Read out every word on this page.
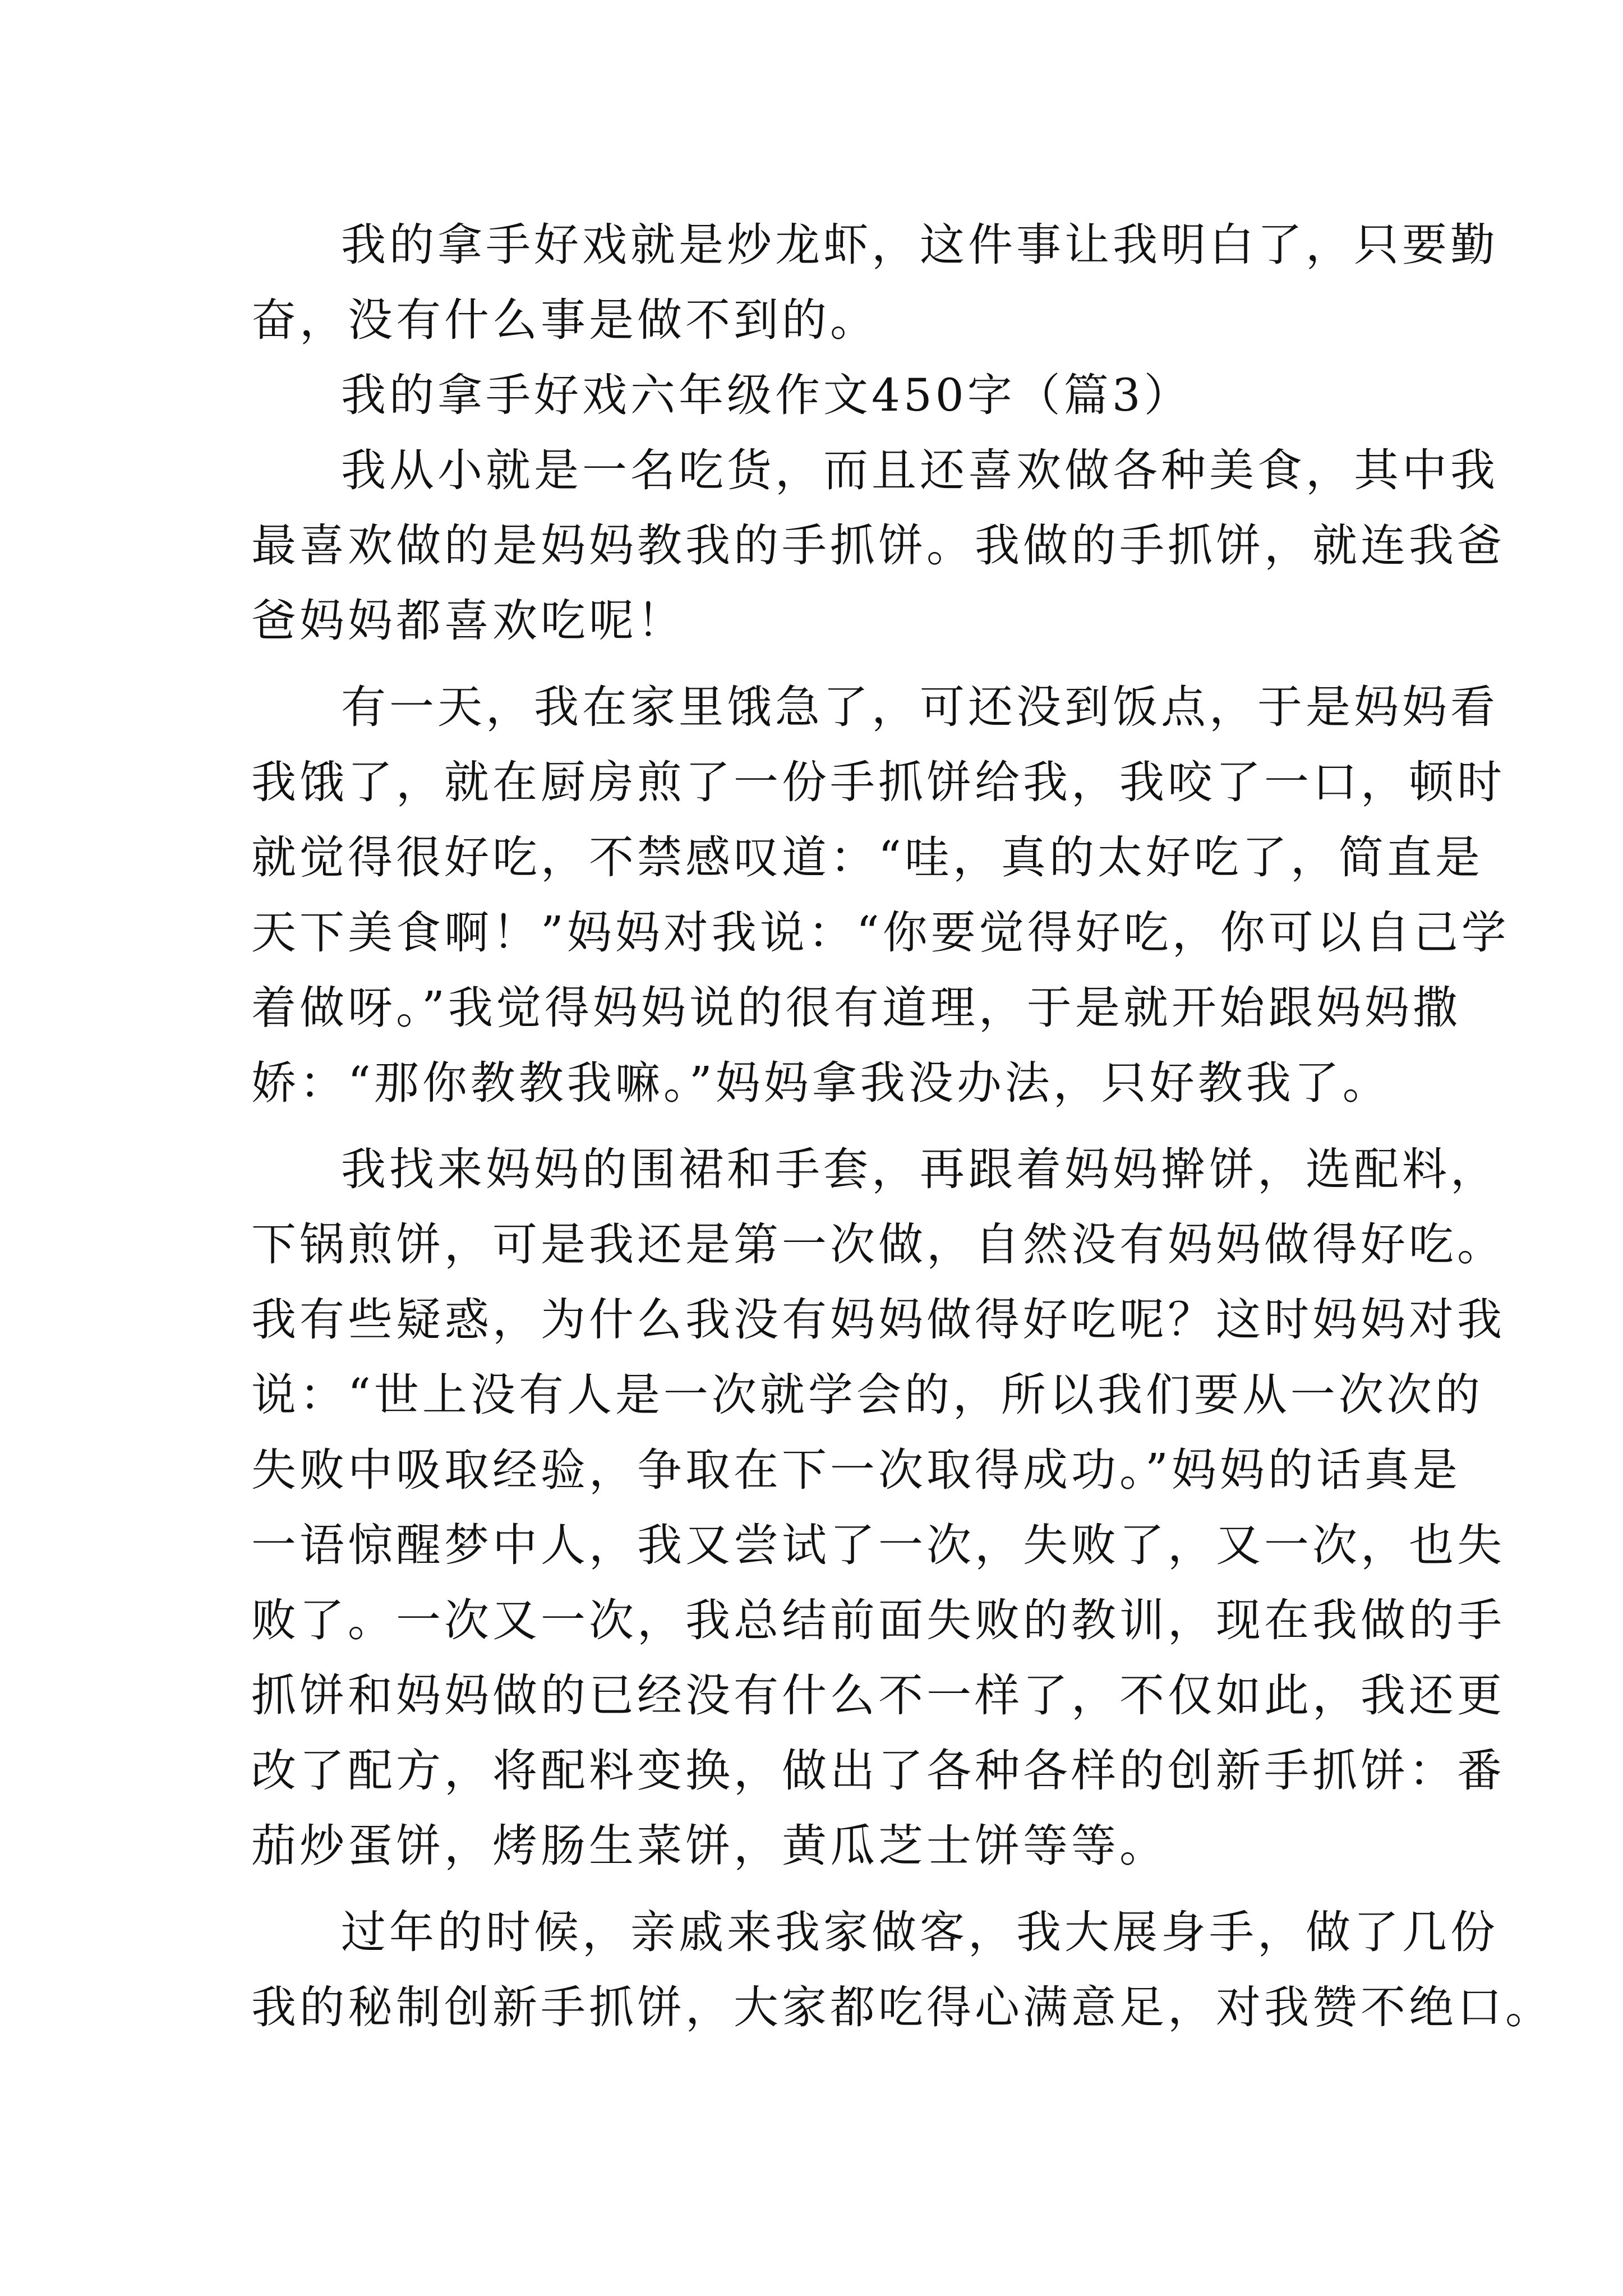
我的拿手好戏就是炒龙虾，这件事让我明白了，只要勤
奋，没有什么事是做不到的。
我的拿手好戏六年级作文450字（篇3）
我从小就是一名吃货，而且还喜欢做各种美食，其中我
最喜欢做的是妈妈教我的手抓饼。我做的手抓饼，就连我爸
爸妈妈都喜欢吃呢！
有一天，我在家里饿急了，可还没到饭点，于是妈妈看
我饿了，就在厨房煎了一份手抓饼给我，我咬了一口，顿时
就觉得很好吃，不禁感叹道：“哇，真的太好吃了，简直是
天下美食啊！”妈妈对我说：“你要觉得好吃，你可以自己学
着做呀。”我觉得妈妈说的很有道理，于是就开始跟妈妈撒
娇：“那你教教我嘛。”妈妈拿我没办法，只好教我了。
我找来妈妈的围裙和手套，再跟着妈妈擀饼，选配料，
下锅煎饼，可是我还是第一次做，自然没有妈妈做得好吃。
我有些疑惑，为什么我没有妈妈做得好吃呢？这时妈妈对我
说：“世上没有人是一次就学会的，所以我们要从一次次的
失败中吸取经验，争取在下一次取得成功。”妈妈的话真是
一语惊醒梦中人，我又尝试了一次，失败了，又一次，也失
败了。一次又一次，我总结前面失败的教训，现在我做的手
抓饼和妈妈做的已经没有什么不一样了，不仅如此，我还更
改了配方，将配料变换，做出了各种各样的创新手抓饼：番
茄炒蛋饼，烤肠生菜饼，黄瓜芝士饼等等。
过年的时候，亲戚来我家做客，我大展身手，做了几份
我的秘制创新手抓饼，大家都吃得心满意足，对我赞不绝口。
